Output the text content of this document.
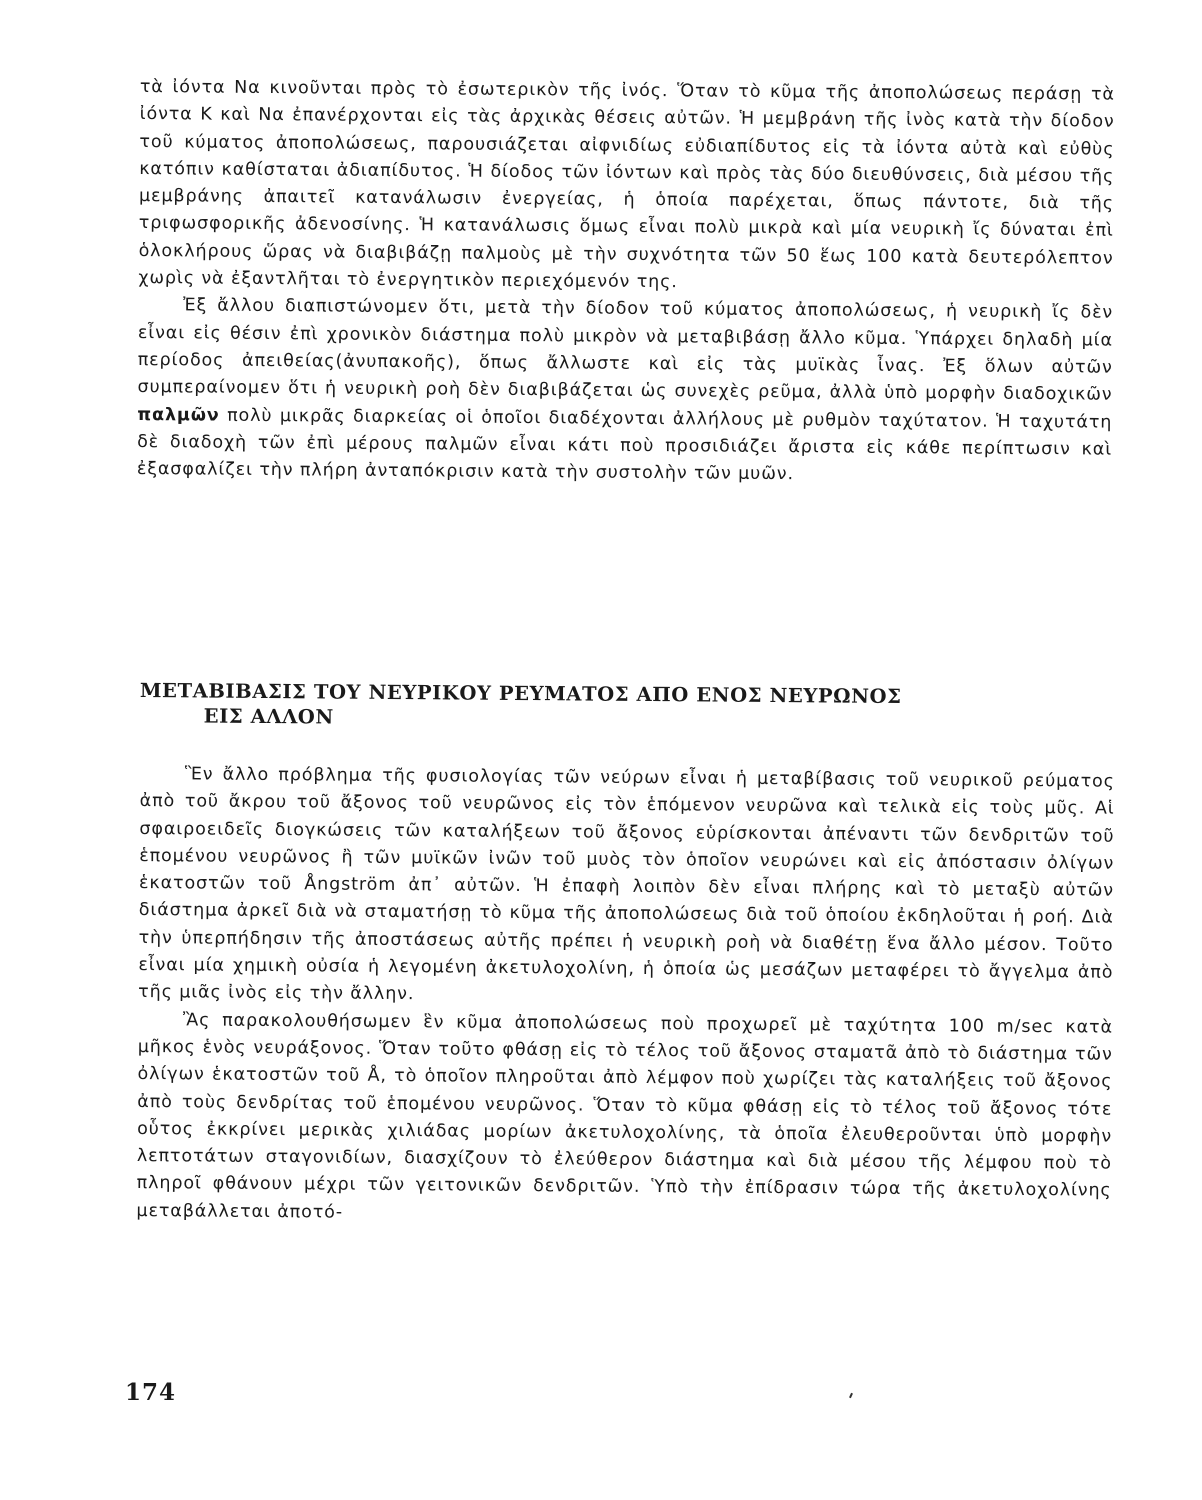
τὰ ἰόντα Να κινοῦνται πρὸς τὸ ἐσωτερικὸν τῆς ἰνός. Ὅταν τὸ κῦμα τῆς ἀποπολώσεως περάσῃ τὰ ἰόντα Κ καὶ Να ἐπανέρχονται εἰς τὰς ἀρχικὰς θέσεις αὐτῶν. Ἡ μεμβράνη τῆς ἰνὸς κατὰ τὴν δίοδον τοῦ κύματος ἀποπολώσεως, παρουσιάζεται αἰφνιδίως εὐδιαπίδυτος εἰς τὰ ἰόντα αὐτὰ καὶ εὐθὺς κατόπιν καθίσταται ἀδιαπίδυτος. Ἡ δίοδος τῶν ἰόντων καὶ πρὸς τὰς δύο διευθύνσεις, διὰ μέσου τῆς μεμβράνης ἀπαιτεῖ κατανάλωσιν ἐνεργείας, ἡ ὁποία παρέχεται, ὅπως πάντοτε, διὰ τῆς τριφωσφορικῆς ἀδενοσίνης. Ἡ κατανάλωσις ὅμως εἶναι πολὺ μικρὰ καὶ μία νευρικὴ ἴς δύναται ἐπὶ ὁλοκλήρους ὥρας νὰ διαβιβάζῃ παλμοὺς μὲ τὴν συχνότητα τῶν 50 ἕως 100 κατὰ δευτερόλεπτον χωρὶς νὰ ἐξαντλῆται τὸ ἐνεργητικὸν περιεχόμενόν της.

Ἐξ ἄλλου διαπιστώνομεν ὅτι, μετὰ τὴν δίοδον τοῦ κύματος ἀποπολώσεως, ἡ νευρικὴ ἴς δὲν εἶναι εἰς θέσιν ἐπὶ χρονικὸν διάστημα πολὺ μικρὸν νὰ μεταβιβάσῃ ἄλλο κῦμα. Ὑπάρχει δηλαδὴ μία περίοδος ἀπειθείας(ἀνυπακοῆς), ὅπως ἄλλωστε καὶ εἰς τὰς μυϊκὰς ἶνας. Ἐξ ὅλων αὐτῶν συμπεραίνομεν ὅτι ἡ νευρικὴ ροὴ δὲν διαβιβάζεται ὡς συνεχὲς ρεῦμα, ἀλλὰ ὑπὸ μορφὴν διαδοχικῶν παλμῶν πολὺ μικρᾶς διαρκείας οἱ ὁποῖοι διαδέχονται ἀλλήλους μὲ ρυθμὸν ταχύτατον. Ἡ ταχυτάτη δὲ διαδοχὴ τῶν ἐπὶ μέρους παλμῶν εἶναι κάτι ποὺ προσιδιάζει ἄριστα εἰς κάθε περίπτωσιν καὶ ἐξασφαλίζει τὴν πλήρη ἀνταπόκρισιν κατὰ τὴν συστολὴν τῶν μυῶν.

ΜΕΤΑΒΙΒΑΣΙΣ ΤΟΥ ΝΕΥΡΙΚΟΥ ΡΕΥΜΑΤΟΣ ΑΠΟ ΕΝΟΣ ΝΕΥΡΩΝΟΣ
ΕΙΣ ΑΛΛΟΝ

Ἓν ἄλλο πρόβλημα τῆς φυσιολογίας τῶν νεύρων εἶναι ἡ μεταβίβασις τοῦ νευρικοῦ ρεύματος ἀπὸ τοῦ ἄκρου τοῦ ἄξονος τοῦ νευρῶνος εἰς τὸν ἑπόμενον νευρῶνα καὶ τελικὰ εἰς τοὺς μῦς. Αἱ σφαιροειδεῖς διογκώσεις τῶν καταλήξεων τοῦ ἄξονος εὑρίσκονται ἀπέναντι τῶν δενδριτῶν τοῦ ἑπομένου νευρῶνος ἢ τῶν μυϊκῶν ἰνῶν τοῦ μυὸς τὸν ὁποῖον νευρώνει καὶ εἰς ἀπόστασιν ὀλίγων ἑκατοστῶν τοῦ Ångström ἀπ᾽ αὐτῶν. Ἡ ἐπαφὴ λοιπὸν δὲν εἶναι πλήρης καὶ τὸ μεταξὺ αὐτῶν διάστημα ἀρκεῖ διὰ νὰ σταματήσῃ τὸ κῦμα τῆς ἀποπολώσεως διὰ τοῦ ὁποίου ἐκδηλοῦται ἡ ροή. Διὰ τὴν ὑπερπήδησιν τῆς ἀποστάσεως αὐτῆς πρέπει ἡ νευρικὴ ροὴ νὰ διαθέτῃ ἕνα ἄλλο μέσον. Τοῦτο εἶναι μία χημικὴ οὐσία ἡ λεγομένη ἀκετυλοχολίνη, ἡ ὁποία ὡς μεσάζων μεταφέρει τὸ ἄγγελμα ἀπὸ τῆς μιᾶς ἰνὸς εἰς τὴν ἄλλην.

Ἂς παρακολουθήσωμεν ἓν κῦμα ἀποπολώσεως ποὺ προχωρεῖ μὲ ταχύτητα 100 m/sec κατὰ μῆκος ἑνὸς νευράξονος. Ὅταν τοῦτο φθάσῃ εἰς τὸ τέλος τοῦ ἄξονος σταματᾶ ἀπὸ τὸ διάστημα τῶν ὀλίγων ἑκατοστῶν τοῦ Å, τὸ ὁποῖον πληροῦται ἀπὸ λέμφον ποὺ χωρίζει τὰς καταλήξεις τοῦ ἄξονος ἀπὸ τοὺς δενδρίτας τοῦ ἑπομένου νευρῶνος. Ὅταν τὸ κῦμα φθάσῃ εἰς τὸ τέλος τοῦ ἄξονος τότε οὗτος ἐκκρίνει μερικὰς χιλιάδας μορίων ἀκετυλοχολίνης, τὰ ὁποῖα ἐλευθεροῦνται ὑπὸ μορφὴν λεπτοτάτων σταγονιδίων, διασχίζουν τὸ ἐλεύθερον διάστημα καὶ διὰ μέσου τῆς λέμφου ποὺ τὸ πληροῖ φθάνουν μέχρι τῶν γειτονικῶν δενδριτῶν. Ὑπὸ τὴν ἐπίδρασιν τώρα τῆς ἀκετυλοχολίνης μεταβάλλεται ἀποτό-

174
